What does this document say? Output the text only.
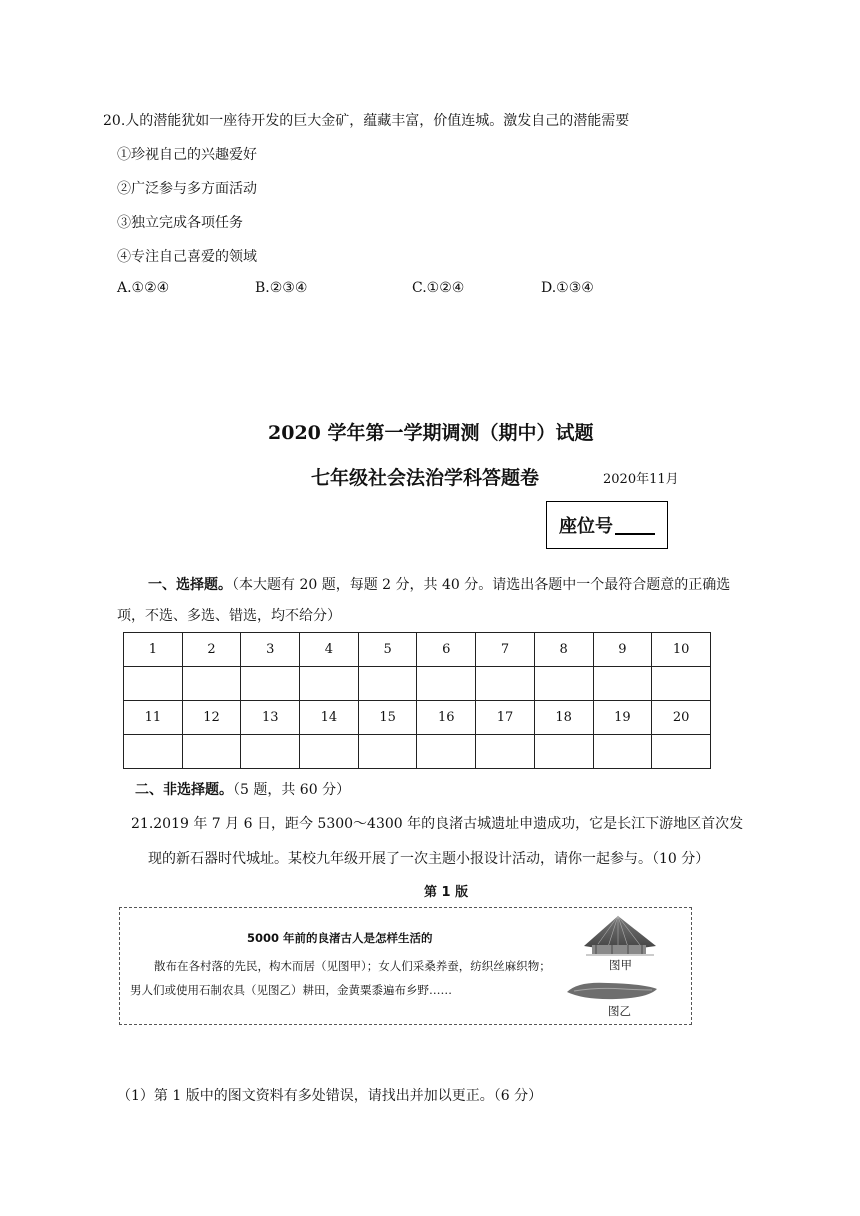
20.人的潜能犹如一座待开发的巨大金矿，蕴藏丰富，价值连城。激发自己的潜能需要
①珍视自己的兴趣爱好
②广泛参与多方面活动
③独立完成各项任务
④专注自己喜爱的领域
A.①②④	B.②③④	C.①②④	D.①③④
2020 学年第一学期调测（期中）试题
七年级社会法治学科答题卷	2020年11月
座位号
一、选择题。（本大题有 20 题，每题 2 分，共 40 分。请选出各题中一个最符合题意的正确选
项，不选、多选、错选，均不给分）
1	2	3	4	5	6	7	8	9	10

11	12	13	14	15	16	17	18	19	20

二、非选择题。（5 题，共 60 分）
21.2019 年 7 月 6 日，距今 5300～4300 年的良渚古城遗址申遗成功，它是长江下游地区首次发
现的新石器时代城址。某校九年级开展了一次主题小报设计活动，请你一起参与。（10 分）
第 1 版
5000 年前的良渚古人是怎样生活的
散布在各村落的先民，构木而居（见图甲）；女人们采桑养蚕，纺织丝麻织物；男人们或使用石制农具（见图乙）耕田，金黄粟黍遍布乡野……
图甲
图乙
（1）第 1 版中的图文资料有多处错误，请找出并加以更正。（6 分）
